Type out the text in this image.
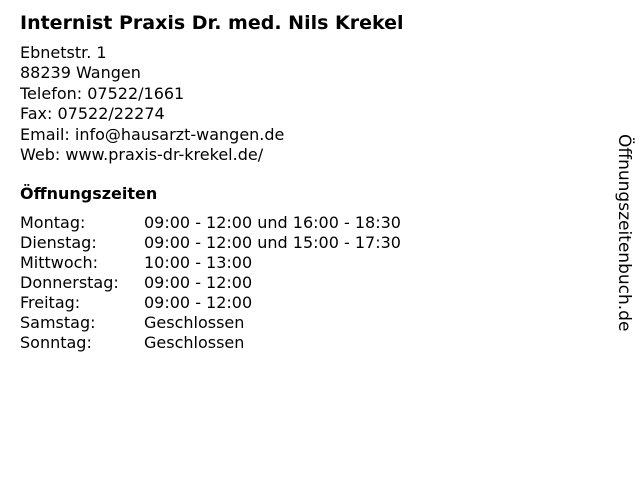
Internist Praxis Dr. med. Nils Krekel
Ebnetstr. 1
88239 Wangen
Telefon: 07522/1661
Fax: 07522/22274
Email: info@hausarzt-wangen.de
Web: www.praxis-dr-krekel.de/
Öffnungszeiten
Montag:	09:00 - 12:00 und 16:00 - 18:30
Dienstag:	09:00 - 12:00 und 15:00 - 17:30
Mittwoch:	10:00 - 13:00
Donnerstag:	09:00 - 12:00
Freitag:	09:00 - 12:00
Samstag:	Geschlossen
Sonntag:	Geschlossen
Öffnungszeitenbuch.de
